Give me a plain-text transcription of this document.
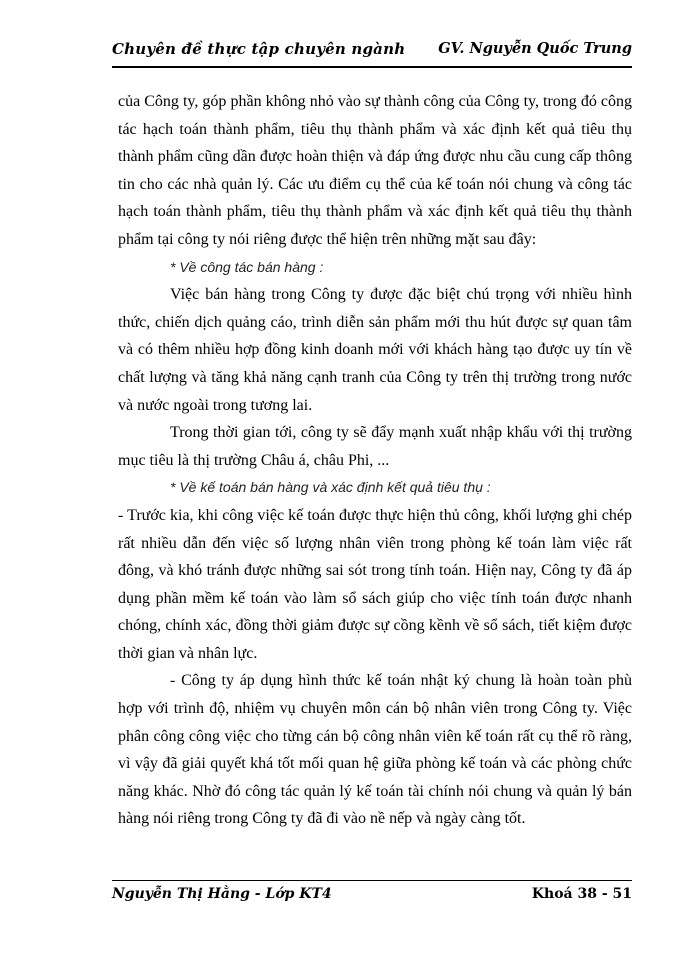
Chuyên đề thực tập chuyên ngành GV. Nguyễn Quốc Trung

của Công ty, góp phần không nhỏ vào sự thành công của Công ty, trong đó công tác hạch toán thành phẩm, tiêu thụ thành phẩm và xác định kết quả tiêu thụ thành phẩm cũng dần được hoàn thiện và đáp ứng được nhu cầu cung cấp thông tin cho các nhà quản lý. Các ưu điểm cụ thể của kế toán nói chung và công tác hạch toán thành phẩm, tiêu thụ thành phẩm và xác định kết quả tiêu thụ thành phẩm tại công ty nói riêng được thể hiện trên những mặt sau đây:

* Về công tác bán hàng :

Việc bán hàng trong Công ty được đặc biệt chú trọng với nhiều hình thức, chiến dịch quảng cáo, trình diễn sản phẩm mới thu hút được sự quan tâm và có thêm nhiều hợp đồng kinh doanh mới với khách hàng tạo được uy tín về chất lượng và tăng khả năng cạnh tranh của Công ty trên thị trường trong nước và nước ngoài trong tương lai.

Trong thời gian tới, công ty sẽ đẩy mạnh xuất nhập khẩu với thị trường mục tiêu là thị trường Châu á, châu Phi, ...

* Về kế toán bán hàng và xác định kết quả tiêu thụ :

- Trước kia, khi công việc kế toán được thực hiện thủ công, khối lượng ghi chép rất nhiều dẫn đến việc số lượng nhân viên trong phòng kế toán làm việc rất đông, và khó tránh được những sai sót trong tính toán. Hiện nay, Công ty đã áp dụng phần mềm kế toán vào làm sổ sách giúp cho việc tính toán được nhanh chóng, chính xác, đồng thời giảm được sự cồng kềnh về sổ sách, tiết kiệm được thời gian và nhân lực.

- Công ty áp dụng hình thức kế toán nhật ký chung là hoàn toàn phù hợp với trình độ, nhiệm vụ chuyên môn cán bộ nhân viên trong Công ty. Việc phân công công việc cho từng cán bộ công nhân viên kế toán rất cụ thể rõ ràng, vì vậy đã giải quyết khá tốt mối quan hệ giữa phòng kế toán và các phòng chức năng khác. Nhờ đó công tác quản lý kế toán tài chính nói chung và quản lý bán hàng nói riêng trong Công ty đã đi vào nề nếp và ngày càng tốt.

Nguyễn Thị Hằng - Lớp KT4	Khoá 38 - 51
